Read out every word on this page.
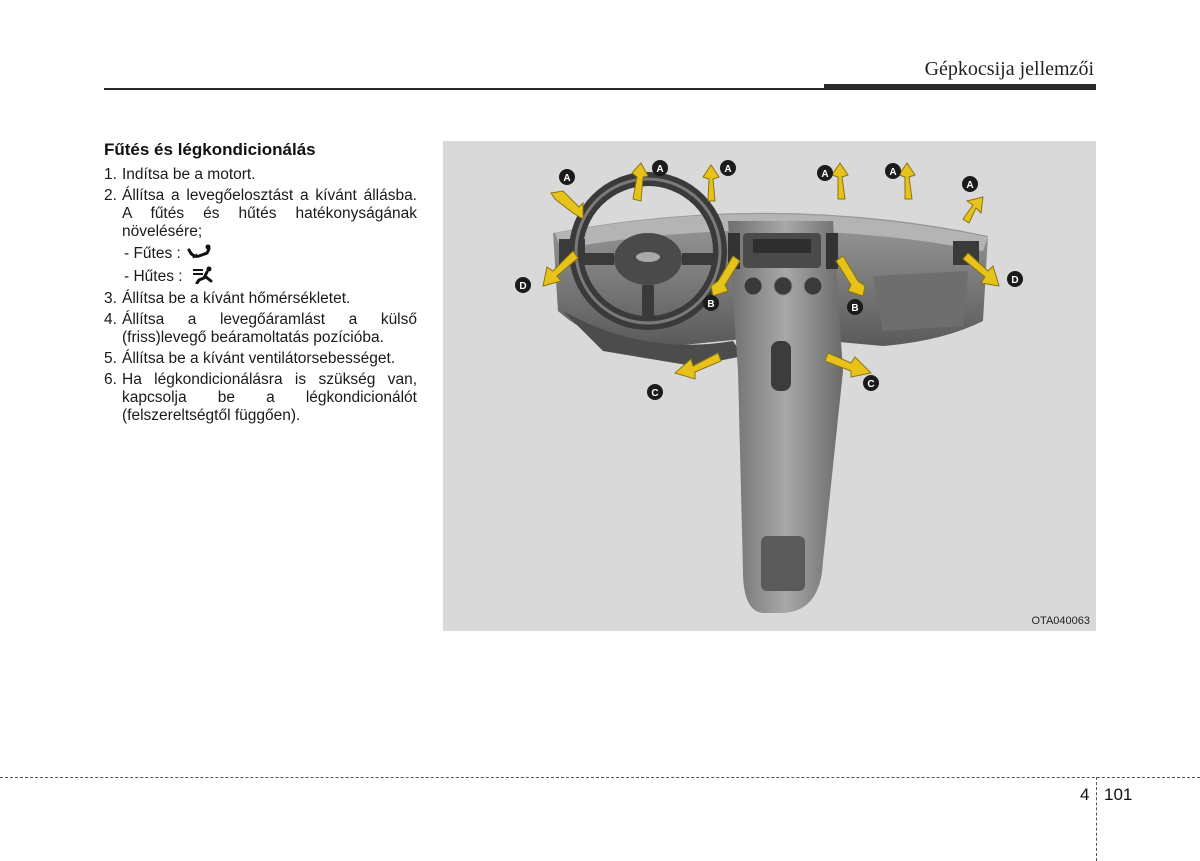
Gépkocsija jellemzői
Fűtés és légkondicionálás
1. Indítsa be a motort.
2. Állítsa a levegőelosztást a kívánt állásba. A fűtés és hűtés hatékonyságának növelésére;
- Fűtes :
- Hűtes :
3. Állítsa be a kívánt hőmérsékletet.
4. Állítsa a levegőáramlást a külső (friss)levegő beáramoltatás pozícióba.
5. Állítsa be a kívánt ventilátorsebességet.
6. Ha légkondicionálásra is szükség van, kapcsolja be a légkondicionálót (felszereltségtől függően).
A
A	A	A	A
A
B	B
C
C
D
D
OTA040063
4 101
